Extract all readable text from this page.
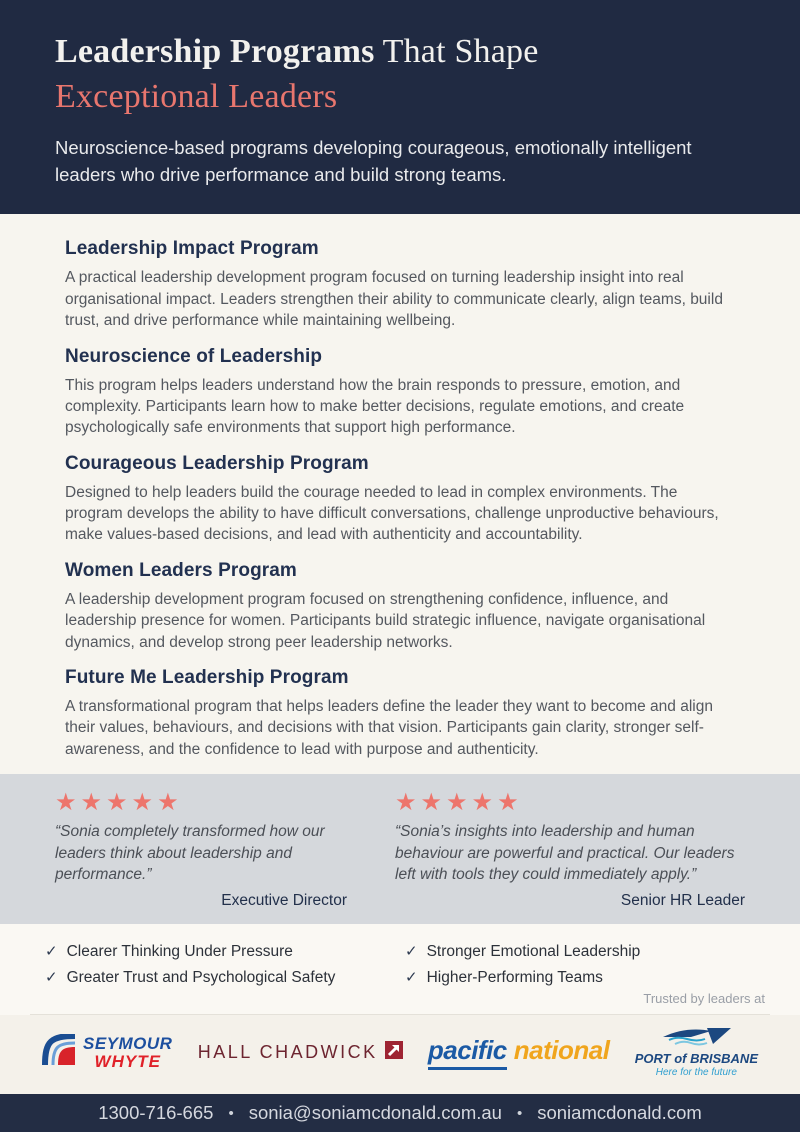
Leadership Programs That Shape
Exceptional Leaders
Neuroscience-based programs developing courageous, emotionally intelligent leaders who drive performance and build strong teams.
Leadership Impact Program

A practical leadership development program focused on turning leadership insight into real organisational impact. Leaders strengthen their ability to communicate clearly, align teams, build trust, and drive performance while maintaining wellbeing.

Neuroscience of Leadership

This program helps leaders understand how the brain responds to pressure, emotion, and complexity. Participants learn how to make better decisions, regulate emotions, and create psychologically safe environments that support high performance.

Courageous Leadership Program

Designed to help leaders build the courage needed to lead in complex environments. The program develops the ability to have difficult conversations, challenge unproductive behaviours, make values-based decisions, and lead with authenticity and accountability.

Women Leaders Program

A leadership development program focused on strengthening confidence, influence, and leadership presence for women. Participants build strategic influence, navigate organisational dynamics, and develop strong peer leadership networks.

Future Me Leadership Program

A transformational program that helps leaders define the leader they want to become and align their values, behaviours, and decisions with that vision. Participants gain clarity, stronger self-awareness, and the confidence to lead with purpose and authenticity.

★★★★★
“Sonia completely transformed how our leaders think about leadership and performance.”
Executive Director
★★★★★
“Sonia’s insights into leadership and human behaviour are powerful and practical. Our leaders left with tools they could immediately apply.”
Senior HR Leader
✓ Clearer Thinking Under Pressure	✓ Stronger Emotional Leadership
✓ Greater Trust and Psychological Safety	✓ Higher-Performing Teams
Trusted by leaders at
SEYMOUR
WHYTE	HALL CHADWICK pacific national PORT of BRISBANE
Here for the future
1300-716-665 • sonia@soniamcdonald.com.au • soniamcdonald.com
